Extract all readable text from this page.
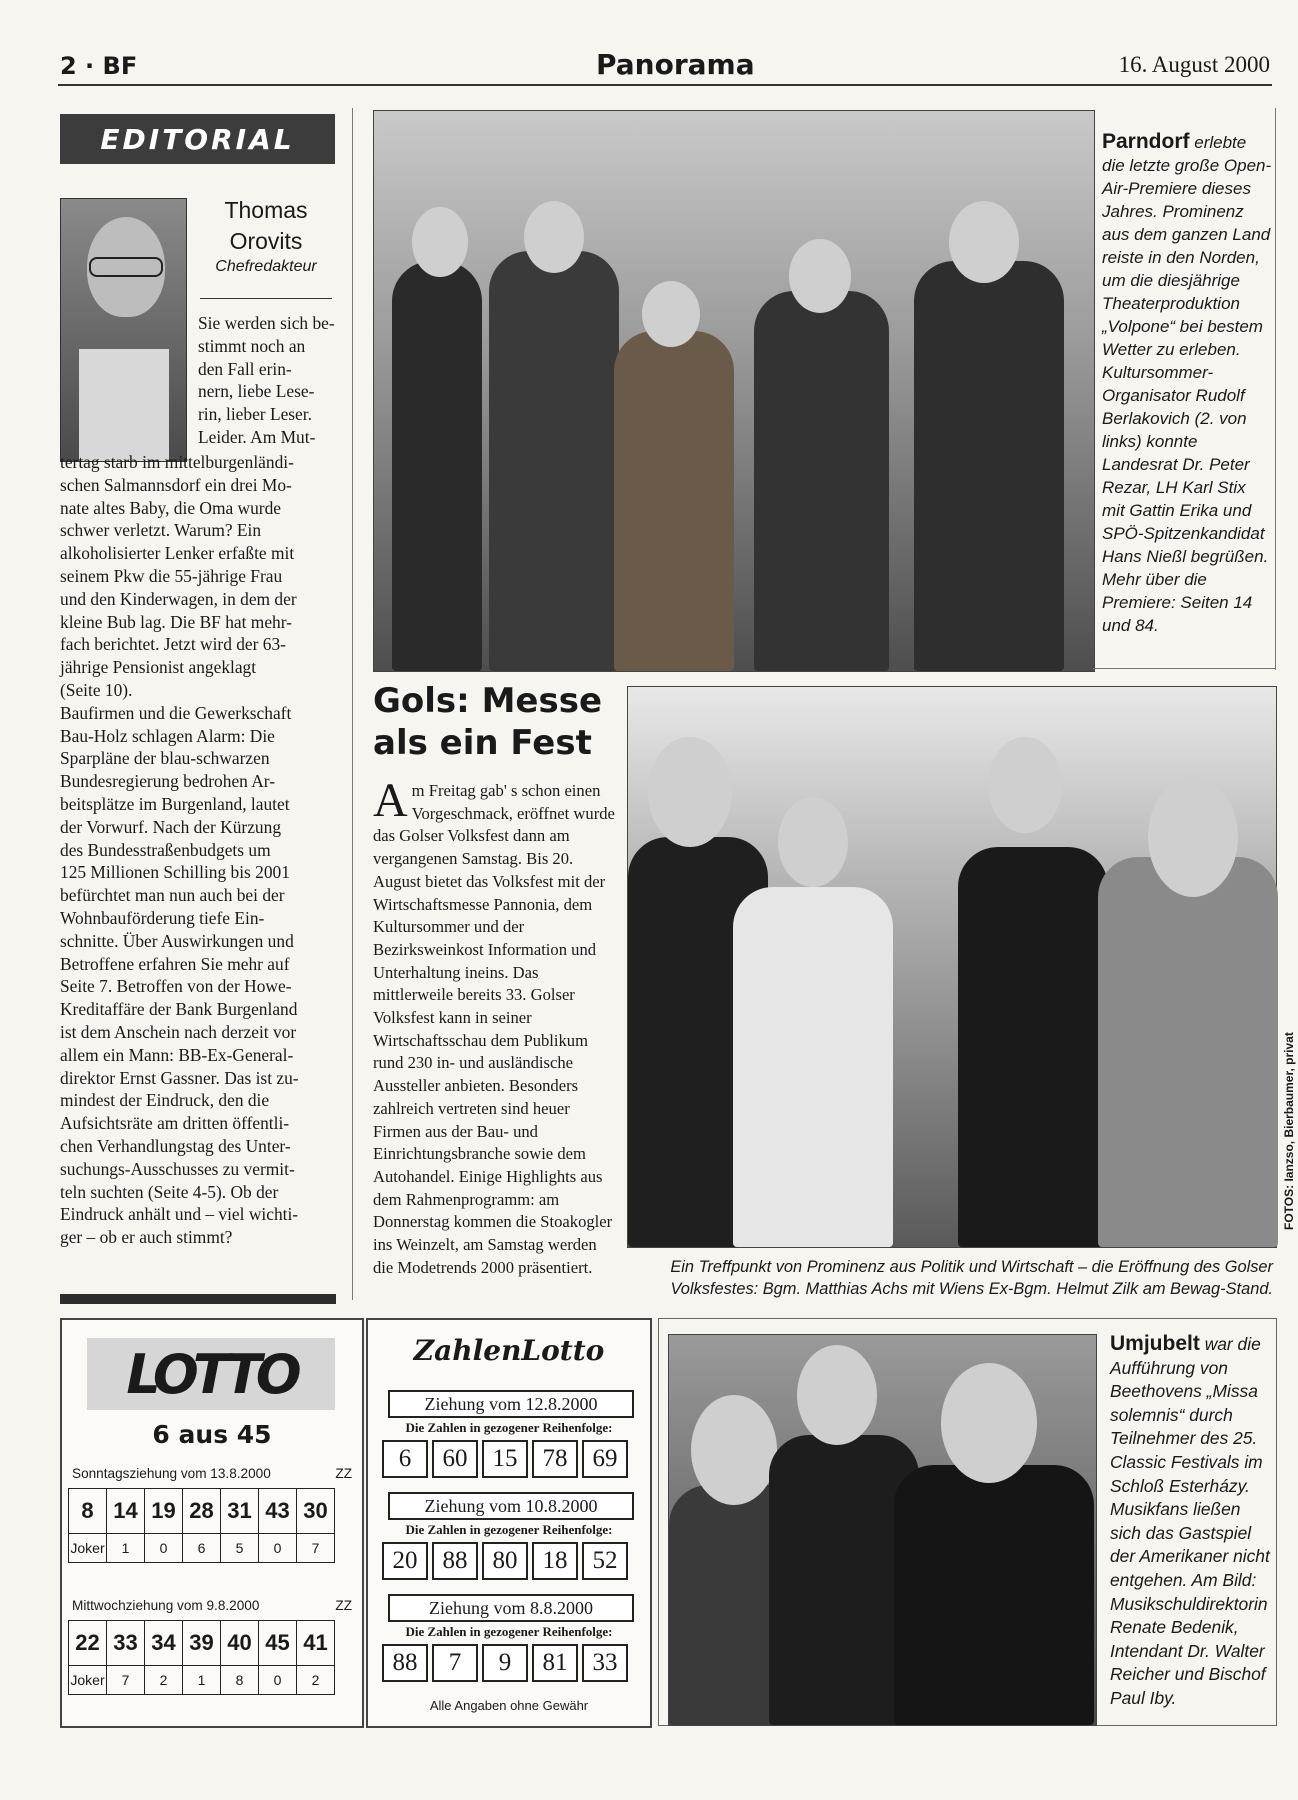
2 · BF	Panorama	16. August 2000
EDITORIAL
Thomas
Orovits
Chefredakteur
Sie werden sich be-
stimmt noch an
den Fall erin-
nern, liebe Lese-
rin, lieber Leser.
Leider. Am Mut-
tertag starb im mittelburgenländi-
schen Salmannsdorf ein drei Mo-
nate altes Baby, die Oma wurde
schwer verletzt. Warum? Ein
alkoholisierter Lenker erfaßte mit
seinem Pkw die 55-jährige Frau
und den Kinderwagen, in dem der
kleine Bub lag. Die BF hat mehr-
fach berichtet. Jetzt wird der 63-
jährige Pensionist angeklagt
(Seite 10).
Baufirmen und die Gewerkschaft
Bau-Holz schlagen Alarm: Die
Sparpläne der blau-schwarzen
Bundesregierung bedrohen Ar-
beitsplätze im Burgenland, lautet
der Vorwurf. Nach der Kürzung
des Bundesstraßenbudgets um
125 Millionen Schilling bis 2001
befürchtet man nun auch bei der
Wohnbauförderung tiefe Ein-
schnitte. Über Auswirkungen und
Betroffene erfahren Sie mehr auf
Seite 7. Betroffen von der Howe-
Kreditaffäre der Bank Burgenland
ist dem Anschein nach derzeit vor
allem ein Mann: BB-Ex-General-
direktor Ernst Gassner. Das ist zu-
mindest der Eindruck, den die
Aufsichtsräte am dritten öffentli-
chen Verhandlungstag des Unter-
suchungs-Ausschusses zu vermit-
teln suchten (Seite 4-5). Ob der
Eindruck anhält und – viel wichti-
ger – ob er auch stimmt?
Parndorf erlebte die letzte große Open-Air-Premiere dieses Jahres. Prominenz aus dem ganzen Land reiste in den Norden, um die diesjährige Theaterproduktion „Volpone“ bei bestem Wetter zu erleben. Kultursommer-Organisator Rudolf Berlakovich (2. von links) konnte Landesrat Dr. Peter Rezar, LH Karl Stix mit Gattin Erika und SPÖ-Spitzenkandidat Hans Nießl begrüßen. Mehr über die Premiere: Seiten 14 und 84.
Gols: Messe
als ein Fest
Am Freitag gab' s schon einen Vorgeschmack, eröffnet wurde das Golser Volksfest dann am vergangenen Samstag. Bis 20. August bietet das Volksfest mit der Wirtschaftsmesse Pannonia, dem Kultursommer und der Bezirksweinkost Information und Unterhaltung ineins. Das mittlerweile bereits 33. Golser Volksfest kann in seiner Wirtschaftsschau dem Publikum rund 230 in- und ausländische Aussteller anbieten. Besonders zahlreich vertreten sind heuer Firmen aus der Bau- und Einrichtungsbranche sowie dem Autohandel. Einige Highlights aus dem Rahmenprogramm: am Donnerstag kommen die Stoakogler ins Weinzelt, am Samstag werden die Modetrends 2000 präsentiert.
FOTOS: Ianzso, Bierbaumer, privat
Ein Treffpunkt von Prominenz aus Politik und Wirtschaft – die Eröffnung des Golser Volksfestes: Bgm. Matthias Achs mit Wiens Ex-Bgm. Helmut Zilk am Bewag-Stand.
LOTTO
6 aus 45
Sonntagsziehung vom 13.8.2000	ZZ
8	14	19	28	31	43	30
Joker	1	0	6	5	0	7
Mittwochziehung vom 9.8.2000	ZZ
22	33	34	39	40	45	41
Joker	7	2	1	8	0	2
ZahlenLotto
Ziehung vom 12.8.2000
Die Zahlen in gezogener Reihenfolge:
6	60	15	78	69
Ziehung vom 10.8.2000
Die Zahlen in gezogener Reihenfolge:
20	88	80	18	52
Ziehung vom 8.8.2000
Die Zahlen in gezogener Reihenfolge:
88	7	9	81	33
Alle Angaben ohne Gewähr
Umjubelt war die Aufführung von Beethovens „Missa solemnis“ durch Teilnehmer des 25. Classic Festivals im Schloß Esterházy. Musikfans ließen sich das Gastspiel der Amerikaner nicht entgehen. Am Bild: Musikschuldirektorin Renate Bedenik, Intendant Dr. Walter Reicher und Bischof Paul Iby.
